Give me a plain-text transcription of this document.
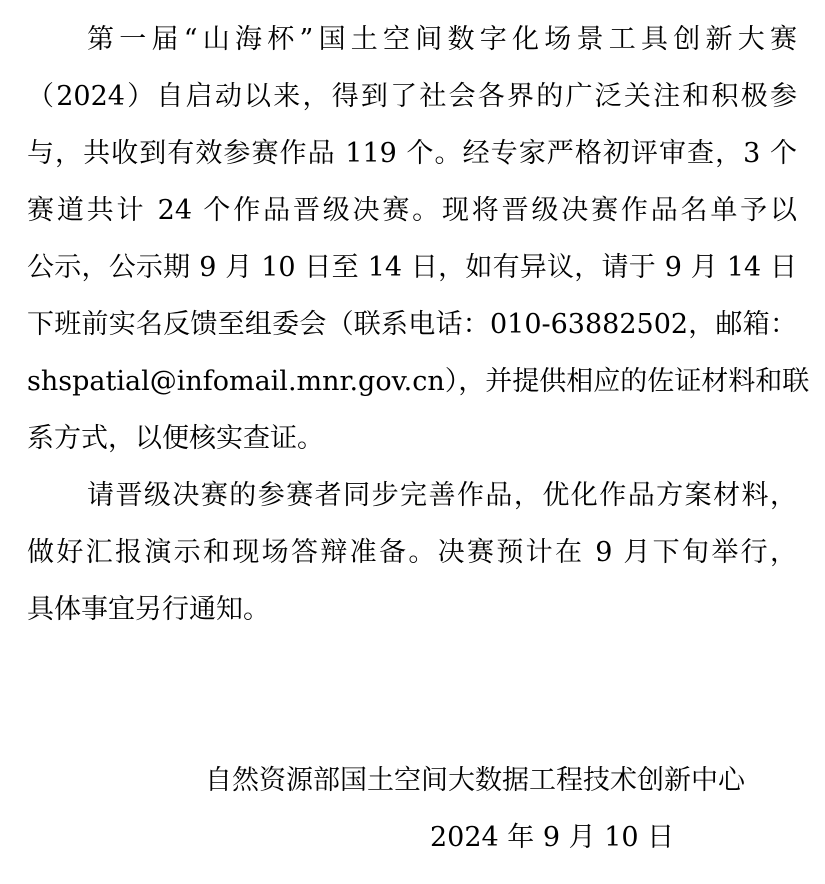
第一届“山海杯”国土空间数字化场景工具创新大赛
（2024）自启动以来，得到了社会各界的广泛关注和积极参
与，共收到有效参赛作品 119 个。经专家严格初评审查，3 个
赛道共计 24 个作品晋级决赛。现将晋级决赛作品名单予以
公示，公示期 9 月 10 日至 14 日，如有异议，请于 9 月 14 日
下班前实名反馈至组委会（联系电话：010-63882502，邮箱：
shspatial@infomail.mnr.gov.cn），并提供相应的佐证材料和联
系方式，以便核实查证。
请晋级决赛的参赛者同步完善作品，优化作品方案材料，
做好汇报演示和现场答辩准备。决赛预计在 9 月下旬举行，
具体事宜另行通知。
自然资源部国土空间大数据工程技术创新中心
2024 年 9 月 10 日
